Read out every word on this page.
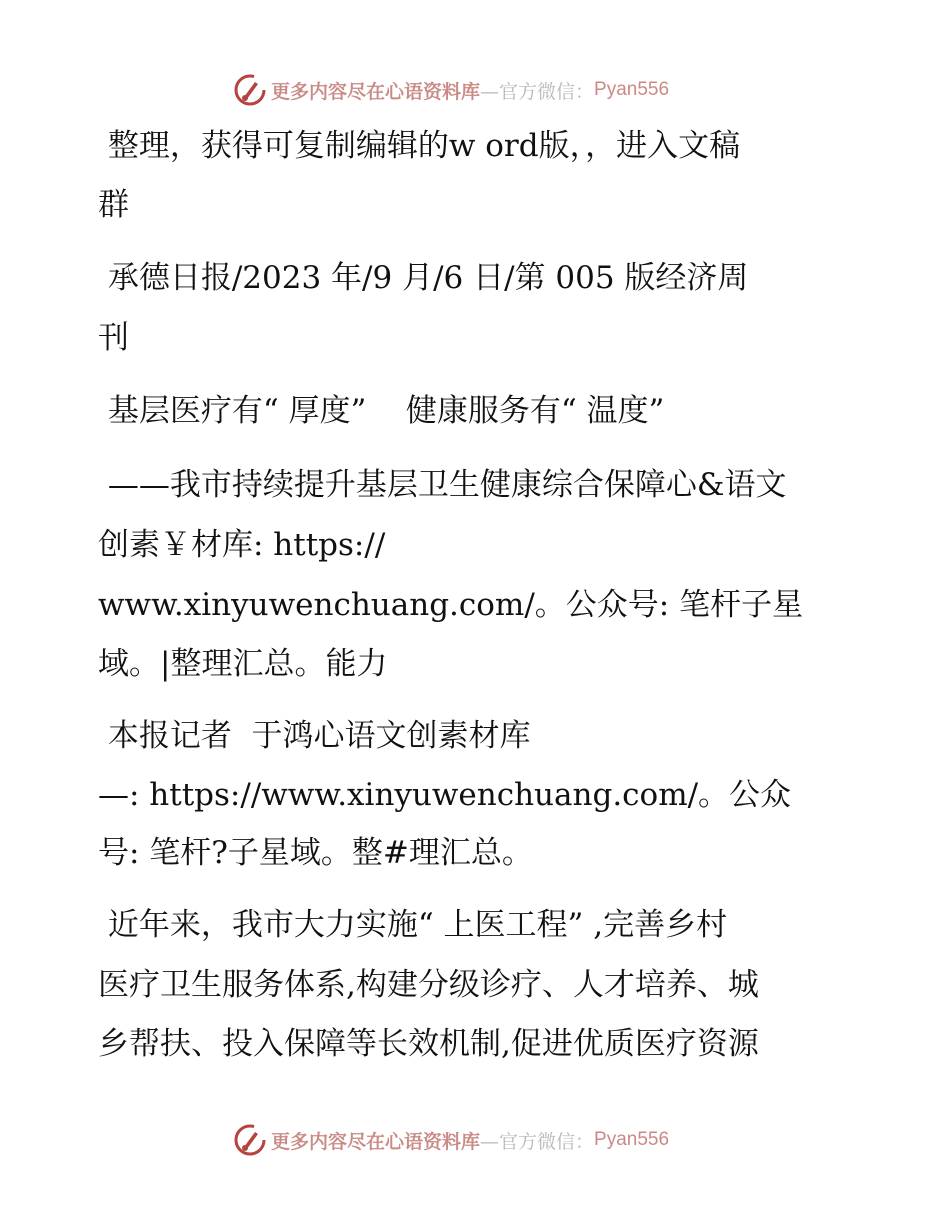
更多内容尽在心语资料库 —官方微信： Pyan556
整理，获得可复制编辑的w ord版，，进入文稿
群
承德日报/2023 年/9 月/6 日/第 005 版经济周
刊
基层医疗有“ 厚度”    健康服务有“ 温度”
——我市持续提升基层卫生健康综合保障心&语文
创素￥材库: https://
www.xinyuwenchuang.com/。公众号: 笔杆子星
域。|整理汇总。能力
本报记者  于鸿心语文创素材库
—: https://www.xinyuwenchuang.com/。公众
号: 笔杆?子星域。整#理汇总。
近年来，我市大力实施“ 上医工程” ,完善乡村
医疗卫生服务体系,构建分级诊疗、人才培养、城
乡帮扶、投入保障等长效机制,促进优质医疗资源
更多内容尽在心语资料库 —官方微信： Pyan556
